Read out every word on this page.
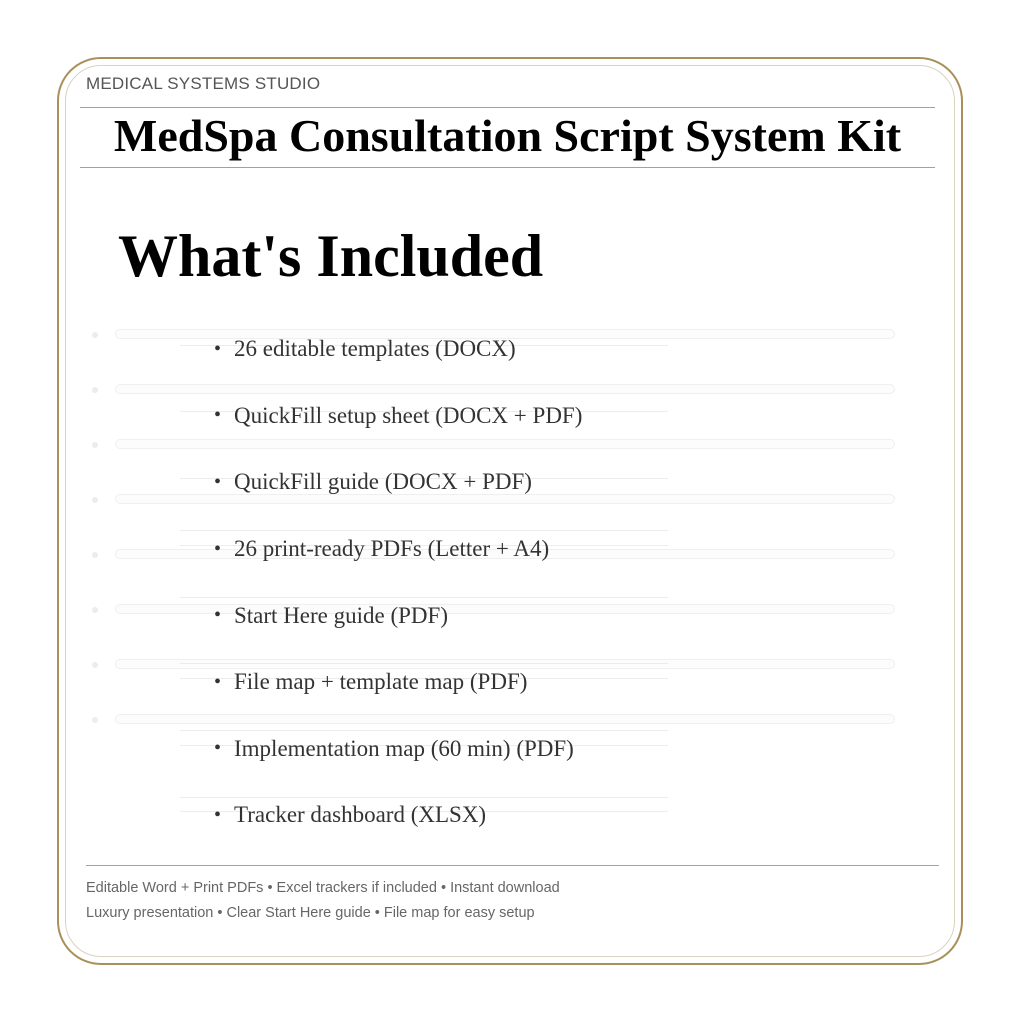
MEDICAL SYSTEMS STUDIO
MedSpa Consultation Script System Kit
What's Included
• 26 editable templates (DOCX)
• QuickFill setup sheet (DOCX + PDF)
• QuickFill guide (DOCX + PDF)
• 26 print-ready PDFs (Letter + A4)
• Start Here guide (PDF)
• File map + template map (PDF)
• Implementation map (60 min) (PDF)
• Tracker dashboard (XLSX)
Editable Word + Print PDFs • Excel trackers if included • Instant download
Luxury presentation • Clear Start Here guide • File map for easy setup
